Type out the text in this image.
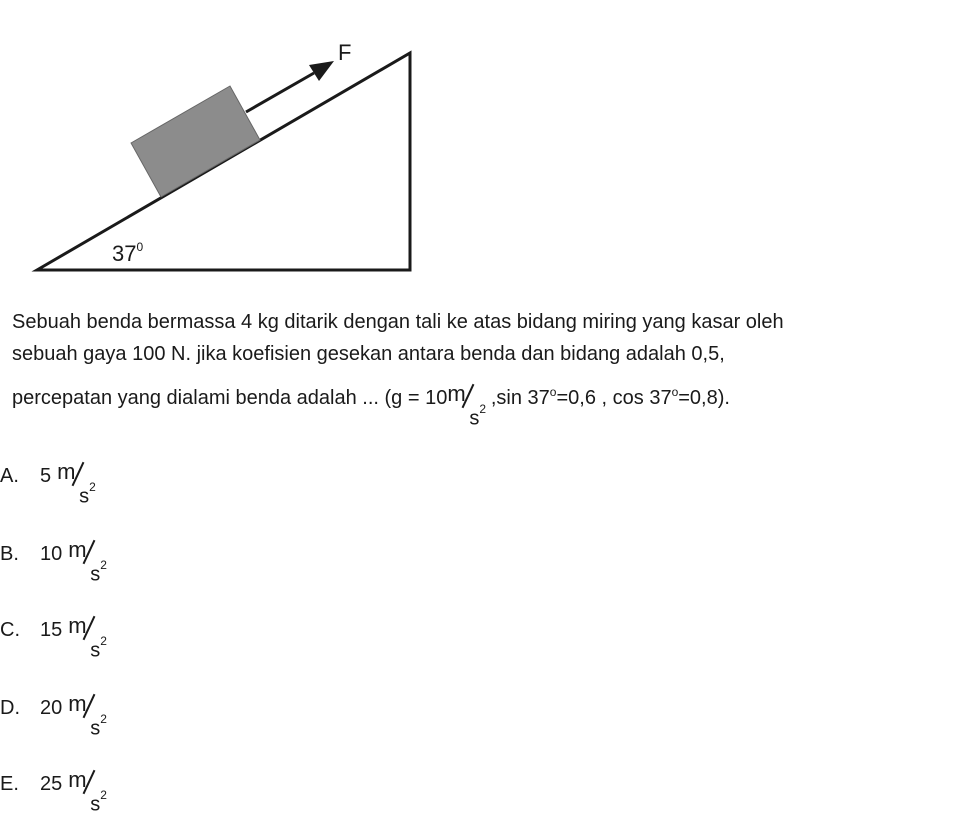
F
$37^0$
Sebuah benda bermassa 4 kg ditarik dengan tali ke atas bidang miring yang kasar oleh
sebuah gaya 100 N. jika koefisien gesekan antara benda dan bidang adalah 0,5,
percepatan yang dialami benda adalah ... (g = 10 m
$s^2$ ,sin $37^o=0,6$ , $\cos 37^o=0,8$).
A. 5 m
$s^2$
B. 10 m
$s^2$
C. 15 m
$s^2$
D. 20 m
$s^2$
E. 25 m
$s^2$
